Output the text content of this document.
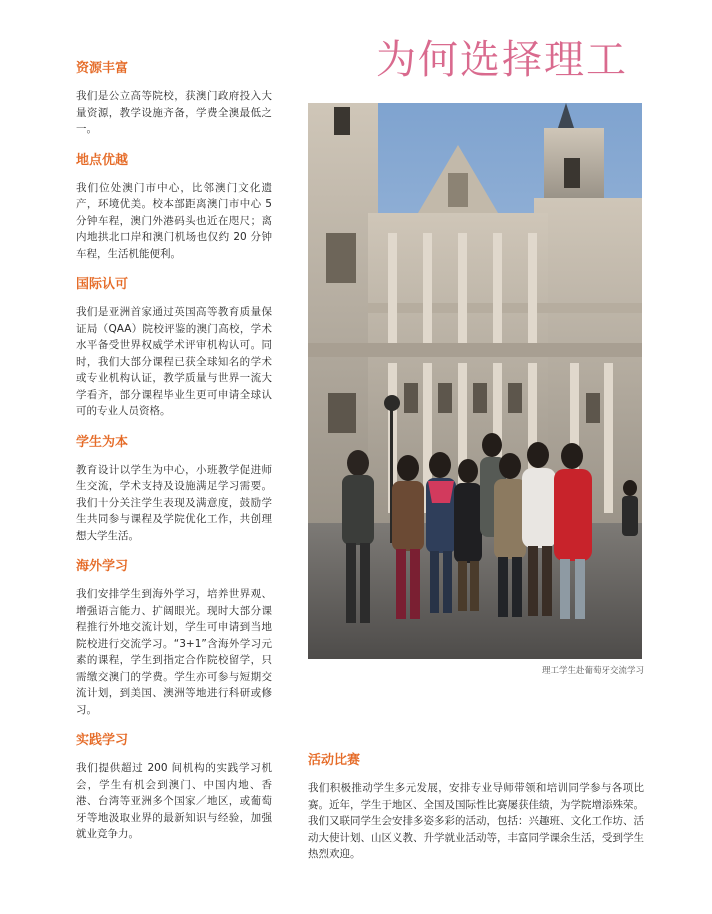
为何选择理工
资源丰富

我们是公立高等院校，获澳门政府投入大量资源，教学设施齐备，学费全澳最低之一。

地点优越

我们位处澳门市中心，比邻澳门文化遗产，环境优美。校本部距离澳门市中心 5 分钟车程，澳门外港码头也近在咫尺；离内地拱北口岸和澳门机场也仅约 20 分钟车程，生活机能便利。

国际认可

我们是亚洲首家通过英国高等教育质量保证局（QAA）院校评鉴的澳门高校，学术水平备受世界权威学术评审机构认可。同时，我们大部分课程已获全球知名的学术或专业机构认证，教学质量与世界一流大学看齐，部分课程毕业生更可申请全球认可的专业人员资格。

学生为本

教育设计以学生为中心，小班教学促进师生交流，学术支持及设施满足学习需要。我们十分关注学生表现及满意度，鼓励学生共同参与课程及学院优化工作，共创理想大学生活。

海外学习

我们安排学生到海外学习，培养世界观、增强语言能力、扩阔眼光。现时大部分课程推行外地交流计划，学生可申请到当地院校进行交流学习。“3+1”含海外学习元素的课程，学生到指定合作院校留学，只需缴交澳门的学费。学生亦可参与短期交流计划，到美国、澳洲等地进行科研或修习。

实践学习

我们提供超过 200 间机构的实践学习机会，学生有机会到澳门、中国内地、香港、台湾等亚洲多个国家／地区，或葡萄牙等地汲取业界的最新知识与经验，加强就业竞争力。

理工学生赴葡萄牙交流学习
活动比赛

我们积极推动学生多元发展，安排专业导师带领和培训同学参与各项比赛。近年，学生于地区、全国及国际性比赛屡获佳绩，为学院增添殊荣。我们又联同学生会安排多姿多彩的活动，包括：兴趣班、文化工作坊、活动大使计划、山区义教、升学就业活动等，丰富同学课余生活，受到学生热烈欢迎。
